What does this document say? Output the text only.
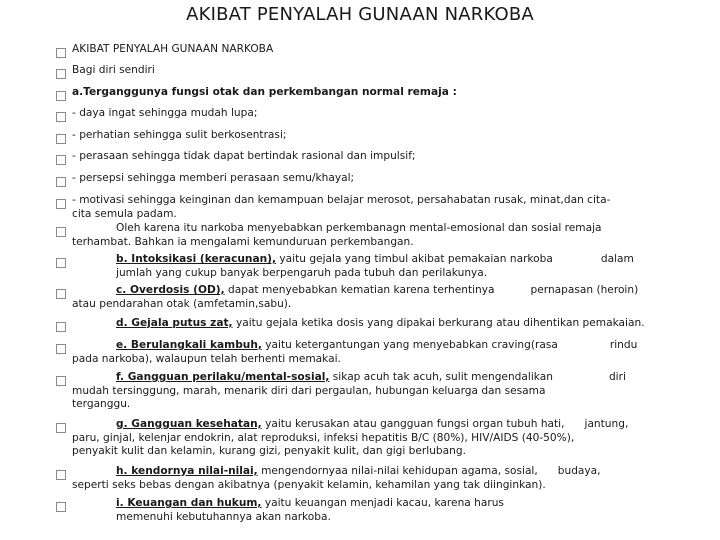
AKIBAT PENYALAH GUNAAN NARKOBA
AKIBAT PENYALAH GUNAAN NARKOBA
Bagi diri sendiri
a.Terganggunya fungsi otak dan perkembangan normal remaja :
- daya ingat sehingga mudah lupa;
- perhatian sehingga sulit berkosentrasi;
- perasaan sehingga tidak dapat bertindak rasional dan impulsif;
- persepsi sehingga memberi perasaan semu/khayal;
- motivasi sehingga keinginan dan kemampuan belajar merosot, persahabatan rusak, minat,dan cita-
cita semula padam.
Oleh karena itu narkoba menyebabkan perkembanagn mental-emosional dan sosial remaja
terhambat. Bahkan ia mengalami kemunduruan perkembangan.
b. Intoksikasi (keracunan), yaitu gejala yang timbul akibat pemakaian narkoba	dalam
jumlah yang cukup banyak berpengaruh pada tubuh dan perilakunya.
c. Overdosis (OD), dapat menyebabkan kematian karena terhentinya	pernapasan (heroin)
atau pendarahan otak (amfetamin,sabu).
d. Gejala putus zat, yaitu gejala ketika dosis yang dipakai berkurang atau dihentikan pemakaian.
e. Berulangkali kambuh, yaitu ketergantungan yang menyebabkan craving(rasa	rindu
pada narkoba), walaupun telah berhenti memakai.
f. Gangguan perilaku/mental-sosial, sikap acuh tak acuh, sulit mengendalikan	diri
mudah tersinggung, marah, menarik diri dari pergaulan, hubungan keluarga dan sesama
terganggu.
g. Gangguan kesehatan, yaitu kerusakan atau gangguan fungsi organ tubuh hati, jantung,
paru, ginjal, kelenjar endokrin, alat reproduksi, infeksi hepatitis B/C (80%), HIV/AIDS (40-50%),
penyakit kulit dan kelamin, kurang gizi, penyakit kulit, dan gigi berlubang.
h. kendornya nilai-nilai, mengendornyaa nilai-nilai kehidupan agama, sosial, budaya,
seperti seks bebas dengan akibatnya (penyakit kelamin, kehamilan yang tak diinginkan).
i. Keuangan dan hukum, yaitu keuangan menjadi kacau, karena harus
memenuhi kebutuhannya akan narkoba.
